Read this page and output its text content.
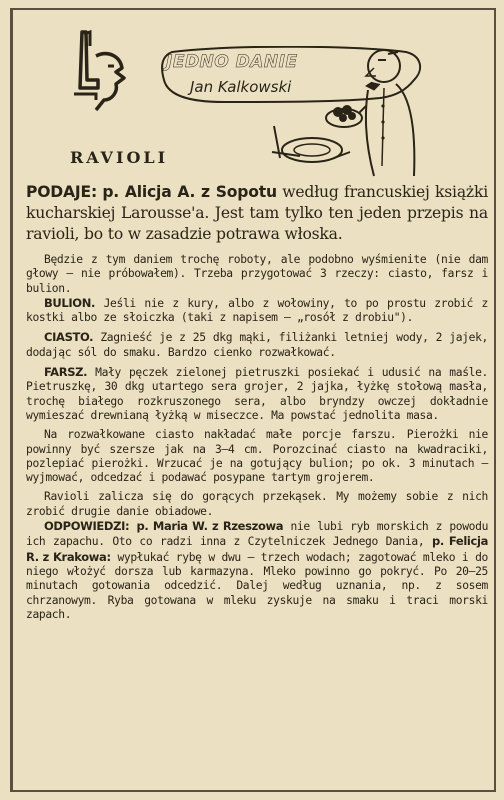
RAVIOLI
JEDNO DANIE
Jan Kalkowski

PODAJE: p. Alicja A. z Sopotu według francuskiej książki kucharskiej Larousse'a. Jest tam tylko ten jeden przepis na ravioli, bo to w zasadzie potrawa włoska.

Będzie z tym daniem trochę roboty, ale podobno wyśmienite (nie dam głowy — nie próbowałem). Trzeba przygotować 3 rzeczy: ciasto, farsz i bulion.

BULION. Jeśli nie z kury, albo z wołowiny, to po prostu zrobić z kostki albo ze słoiczka (taki z napisem — „rosół z drobiu").

CIASTO. Zagnieść je z 25 dkg mąki, filiżanki letniej wody, 2 jajek, dodając sól do smaku. Bardzo cienko rozwałkować.

FARSZ. Mały pęczek zielonej pietruszki posiekać i udusić na maśle. Pietruszkę, 30 dkg utartego sera grojer, 2 jajka, łyżkę stołową masła, trochę białego rozkruszonego sera, albo bryndzy owczej dokładnie wymieszać drewnianą łyżką w miseczce. Ma powstać jednolita masa.

Na rozwałkowane ciasto nakładać małe porcje farszu. Pierożki nie powinny być szersze jak na 3—4 cm. Porozcinać ciasto na kwadraciki, pozlepiać pierożki. Wrzucać je na gotujący bulion; po ok. 3 minutach — wyjmować, odcedzać i podawać posypane tartym grojerem.

Ravioli zalicza się do gorących przekąsek. My możemy sobie z nich zrobić drugie danie obiadowe.

ODPOWIEDZI: p. Maria W. z Rzeszowa nie lubi ryb morskich z powodu ich zapachu. Oto co radzi inna z Czytelniczek Jednego Dania, p. Felicja R. z Krakowa: wypłukać rybę w dwu — trzech wodach; zagotować mleko i do niego włożyć dorsza lub karmazyna. Mleko powinno go pokryć. Po 20—25 minutach gotowania odcedzić. Dalej według uznania, np. z sosem chrzanowym. Ryba gotowana w mleku zyskuje na smaku i traci morski zapach.
